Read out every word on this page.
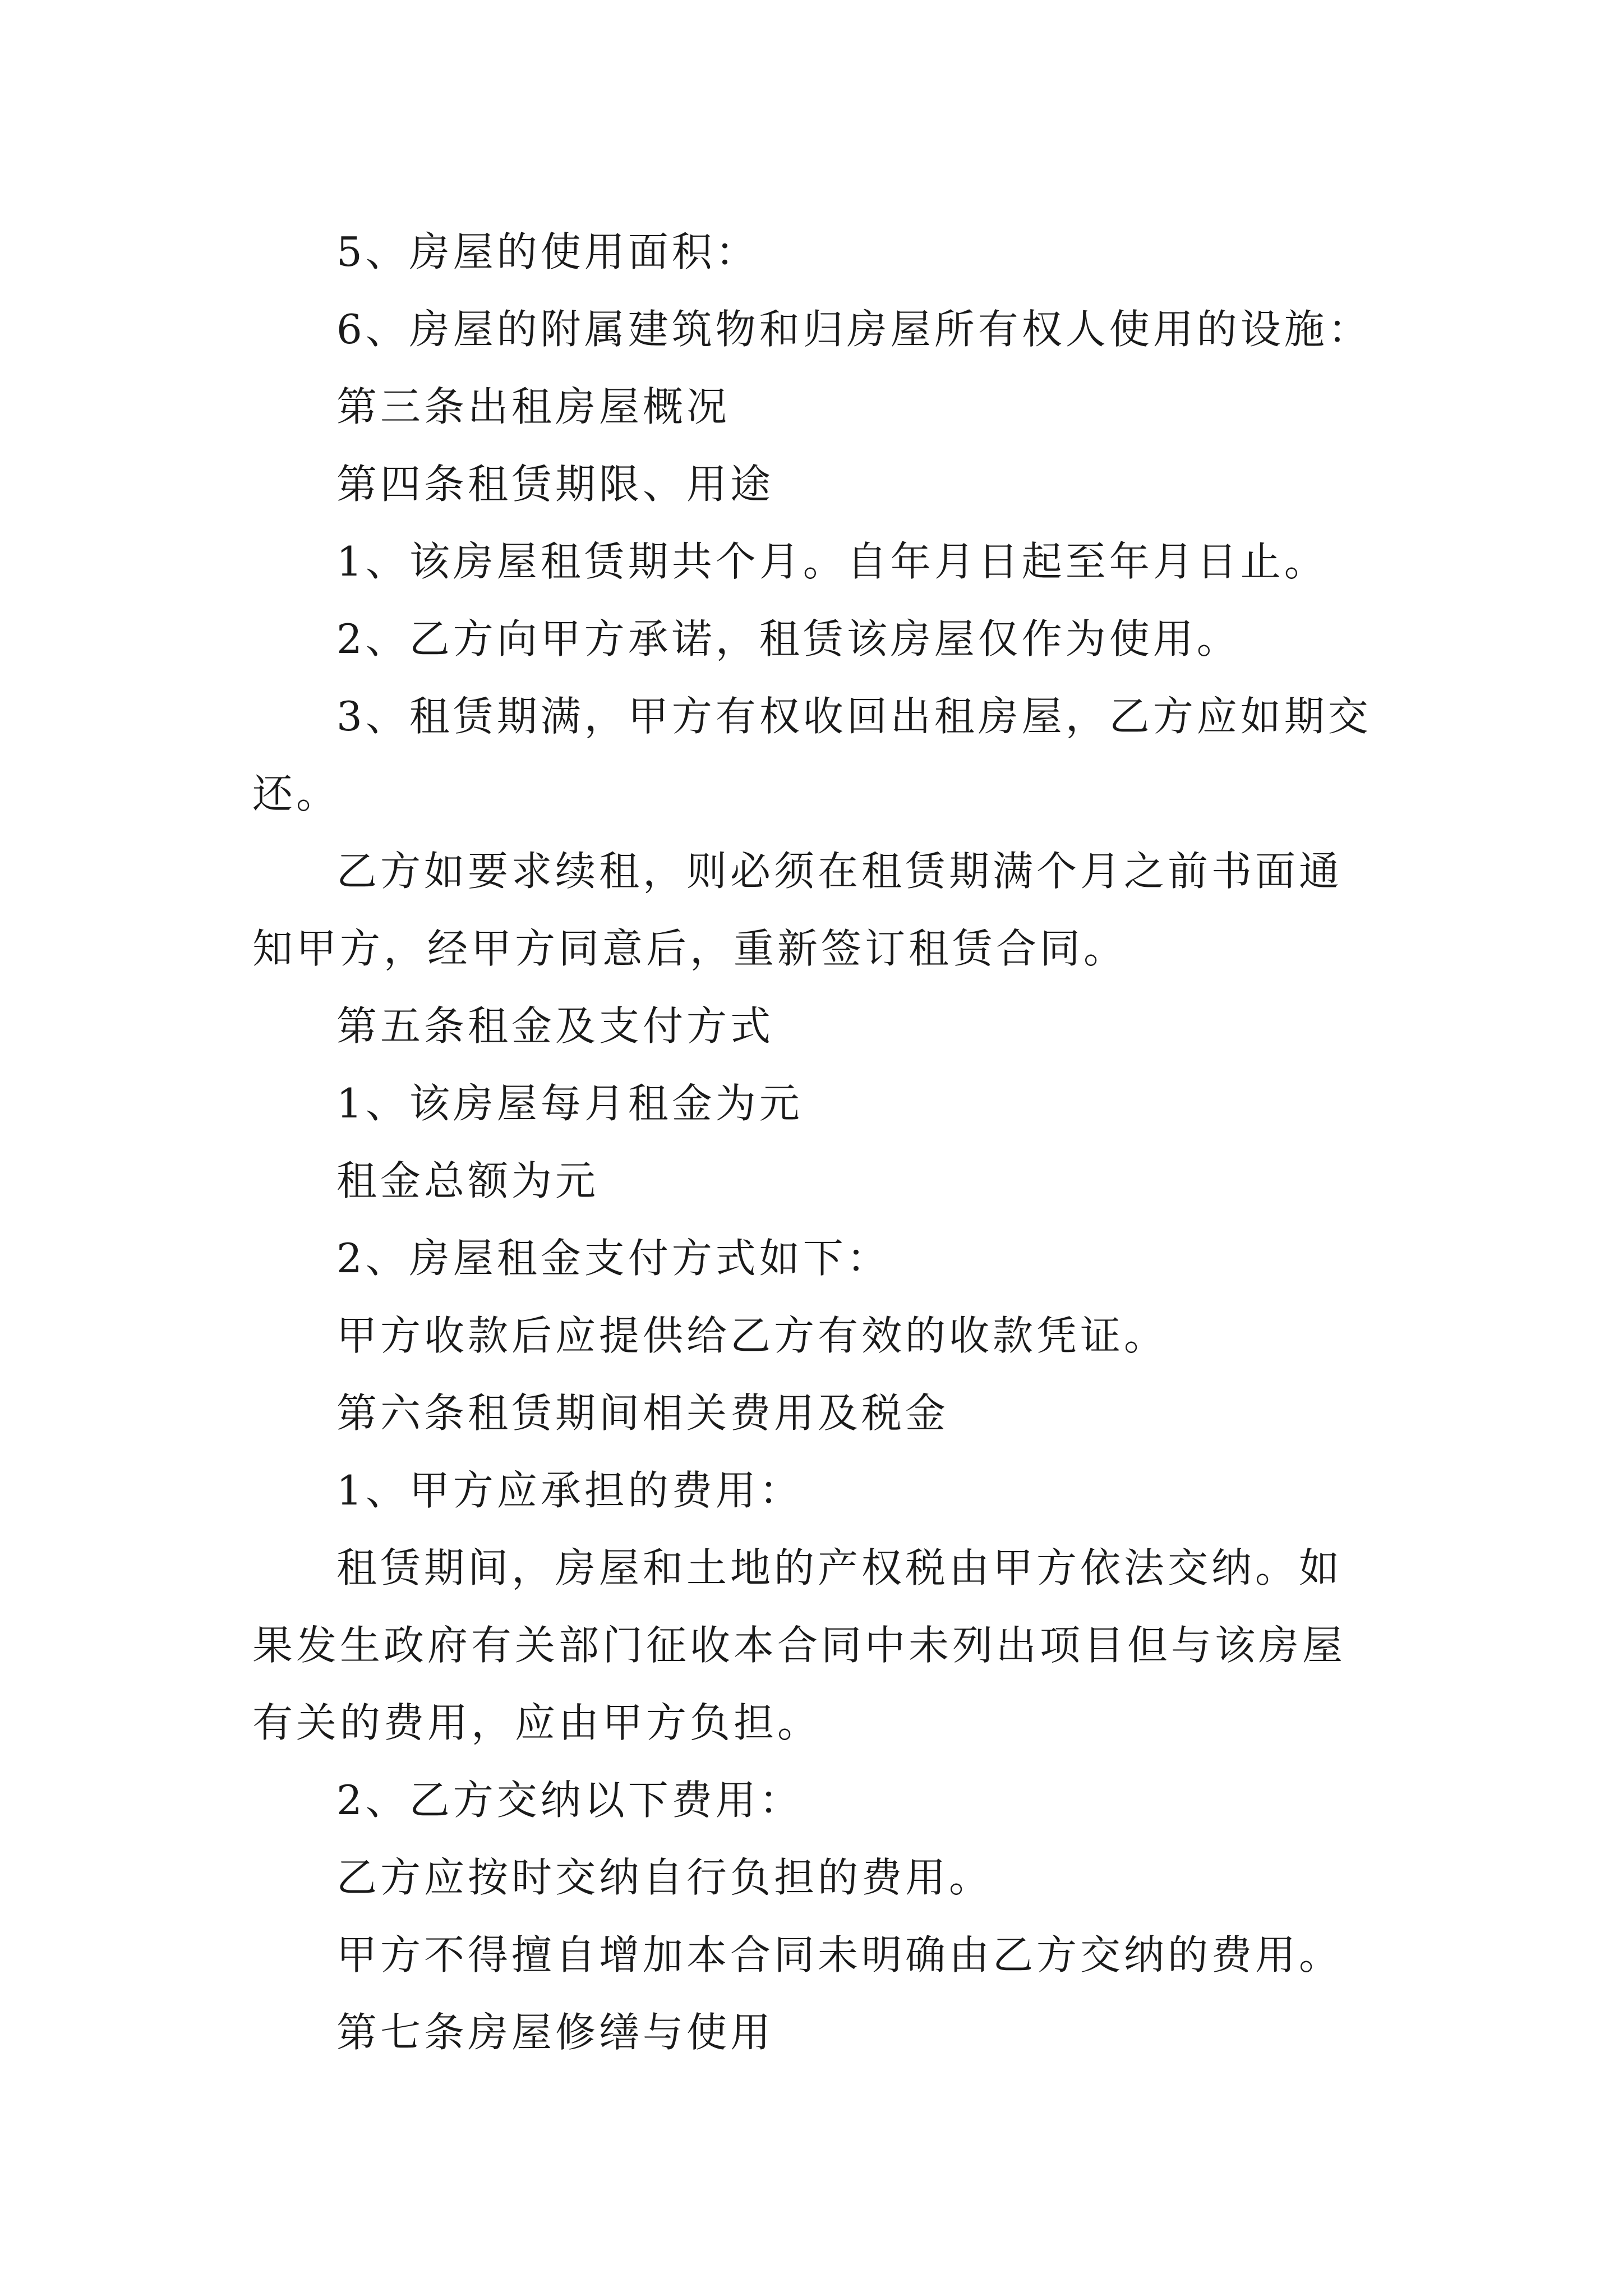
5、房屋的使用面积：

6、房屋的附属建筑物和归房屋所有权人使用的设施：

第三条出租房屋概况

第四条租赁期限、用途

1、该房屋租赁期共个月。自年月日起至年月日止。

2、乙方向甲方承诺，租赁该房屋仅作为使用。

3、租赁期满，甲方有权收回出租房屋，乙方应如期交还。

乙方如要求续租，则必须在租赁期满个月之前书面通知甲方，经甲方同意后，重新签订租赁合同。

第五条租金及支付方式

1、该房屋每月租金为元

租金总额为元

2、房屋租金支付方式如下：

甲方收款后应提供给乙方有效的收款凭证。

第六条租赁期间相关费用及税金

1、甲方应承担的费用：

租赁期间，房屋和土地的产权税由甲方依法交纳。如果发生政府有关部门征收本合同中未列出项目但与该房屋有关的费用，应由甲方负担。

2、乙方交纳以下费用：

乙方应按时交纳自行负担的费用。

甲方不得擅自增加本合同未明确由乙方交纳的费用。

第七条房屋修缮与使用
